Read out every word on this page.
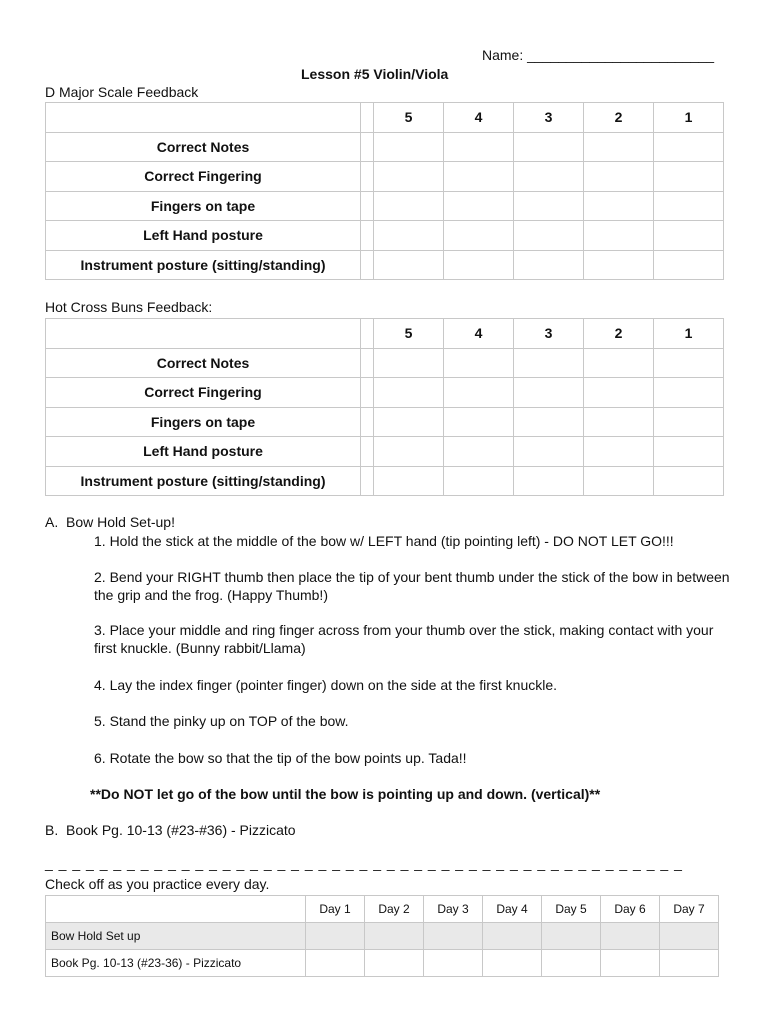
Name: ________________________
Lesson #5 Violin/Viola
D Major Scale Feedback
		5	4	3	2	1
Correct Notes						
Correct Fingering						
Fingers on tape						
Left Hand posture						
Instrument posture (sitting/standing)						
Hot Cross Buns Feedback:
		5	4	3	2	1
Correct Notes						
Correct Fingering						
Fingers on tape						
Left Hand posture						
Instrument posture (sitting/standing)						
A. Bow Hold Set-up!
1. Hold the stick at the middle of the bow w/ LEFT hand (tip pointing left) - DO NOT LET GO!!!
2. Bend your RIGHT thumb then place the tip of your bent thumb under the stick of the bow in between the grip and the frog. (Happy Thumb!)
3. Place your middle and ring finger across from your thumb over the stick, making contact with your first knuckle. (Bunny rabbit/Llama)
4. Lay the index finger (pointer finger) down on the side at the first knuckle.
5. Stand the pinky up on TOP of the bow.
6. Rotate the bow so that the tip of the bow points up. Tada!!
**Do NOT let go of the bow until the bow is pointing up and down. (vertical)**
B. Book Pg. 10-13 (#23-#36) - Pizzicato
_ _ _ _ _ _ _ _ _ _ _ _ _ _ _ _ _ _ _ _ _ _ _ _ _ _ _ _ _ _ _ _ _ _ _ _ _ _ _ _ _ _ _ _ _ _ _
Check off as you practice every day.
	Day 1	Day 2	Day 3	Day 4	Day 5	Day 6	Day 7
Bow Hold Set up							
Book Pg. 10-13 (#23-36) - Pizzicato							
